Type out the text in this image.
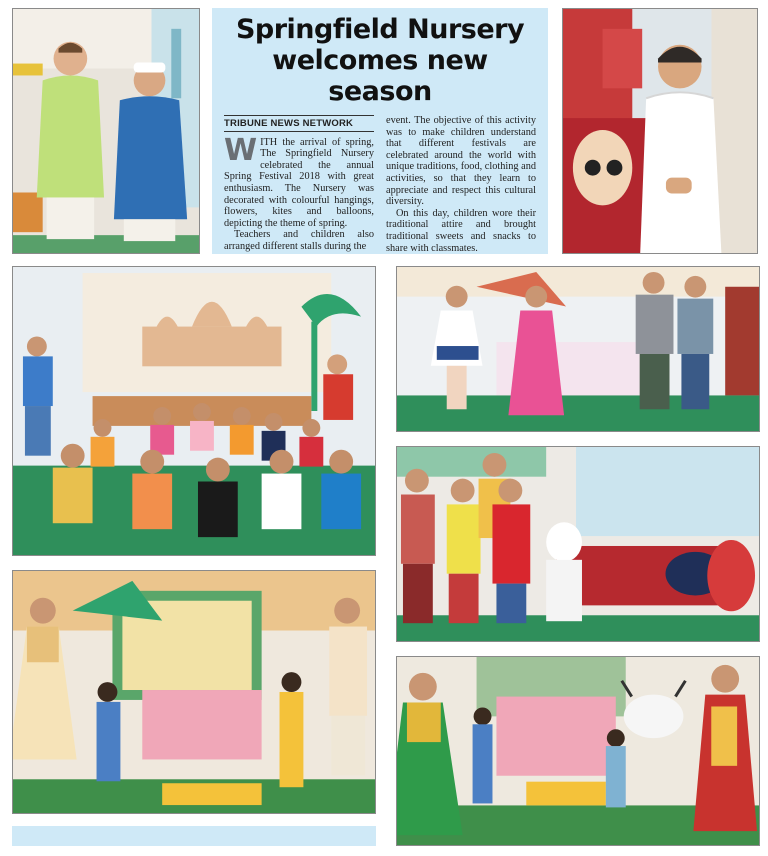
Springfield Nursery
welcomes new season
TRIBUNE NEWS NETWORK

WITH the arrival of spring, The Springfield Nursery celebrated the annual Spring Festival 2018 with great enthusiasm. The Nursery was decorated with colourful hangings, flowers, kites and balloons, depicting the theme of spring.

Teachers and children also arranged different stalls during the

event. The objective of this activity was to make children understand that different festivals are celebrated around the world with unique traditions, food, clothing and activities, so that they learn to appreciate and respect this cultural diversity.

On this day, children wore their traditional attire and brought traditional sweets and snacks to share with classmates.
